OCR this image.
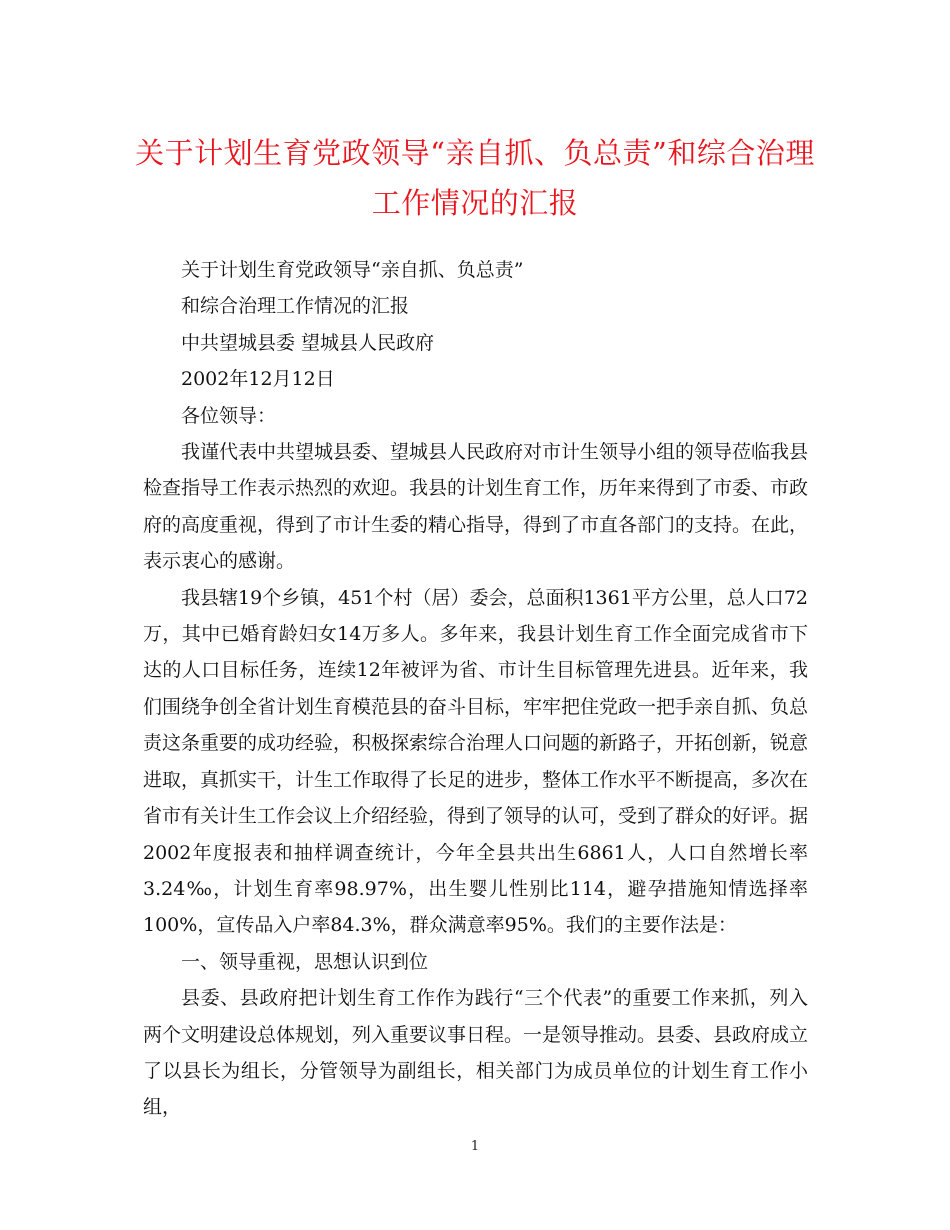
关于计划生育党政领导“亲自抓、负总责”和综合治理
工作情况的汇报

关于计划生育党政领导“亲自抓、负总责”

和综合治理工作情况的汇报

中共望城县委 望城县人民政府

2002年12月12日

各位领导：

我谨代表中共望城县委、望城县人民政府对市计生领导小组的领导莅临我县检查指导工作表示热烈的欢迎。我县的计划生育工作，历年来得到了市委、市政府的高度重视，得到了市计生委的精心指导，得到了市直各部门的支持。在此，表示衷心的感谢。

我县辖19个乡镇，451个村（居）委会，总面积1361平方公里，总人口72万，其中已婚育龄妇女14万多人。多年来，我县计划生育工作全面完成省市下达的人口目标任务，连续12年被评为省、市计生目标管理先进县。近年来，我们围绕争创全省计划生育模范县的奋斗目标，牢牢把住党政一把手亲自抓、负总责这条重要的成功经验，积极探索综合治理人口问题的新路子，开拓创新，锐意进取，真抓实干，计生工作取得了长足的进步，整体工作水平不断提高，多次在省市有关计生工作会议上介绍经验，得到了领导的认可，受到了群众的好评。据2002年度报表和抽样调查统计，今年全县共出生6861人，人口自然增长率3.24‰，计划生育率98.97%，出生婴儿性别比114，避孕措施知情选择率100%，宣传品入户率84.3%，群众满意率95%。我们的主要作法是：

一、领导重视，思想认识到位

县委、县政府把计划生育工作作为践行“三个代表”的重要工作来抓，列入两个文明建设总体规划，列入重要议事日程。一是领导推动。县委、县政府成立了以县长为组长，分管领导为副组长，相关部门为成员单位的计划生育工作小组，

1
